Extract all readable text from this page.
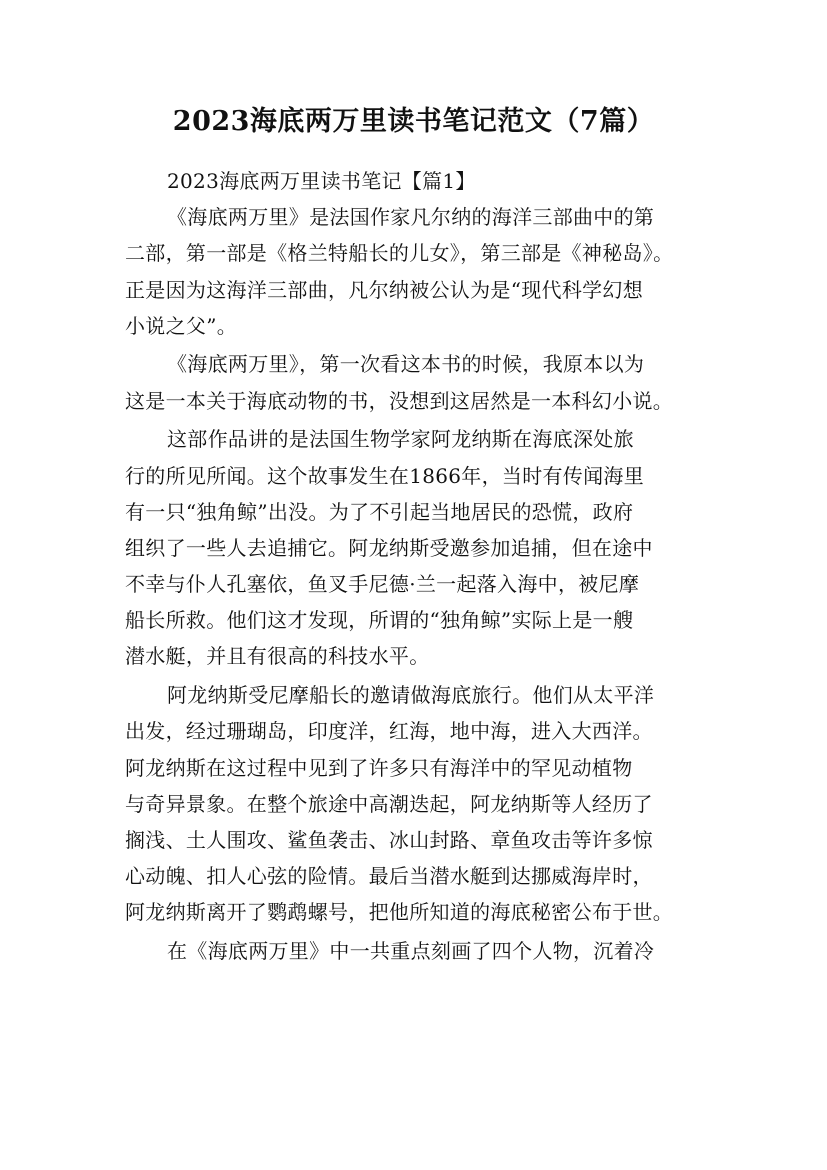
2023海底两万里读书笔记范文（7篇）
2023海底两万里读书笔记【篇1】
《海底两万里》是法国作家凡尔纳的海洋三部曲中的第
二部，第一部是《格兰特船长的儿女》，第三部是《神秘岛》。
正是因为这海洋三部曲，凡尔纳被公认为是“现代科学幻想
小说之父”。
《海底两万里》，第一次看这本书的时候，我原本以为
这是一本关于海底动物的书，没想到这居然是一本科幻小说。
这部作品讲的是法国生物学家阿龙纳斯在海底深处旅
行的所见所闻。这个故事发生在1866年，当时有传闻海里
有一只“独角鲸”出没。为了不引起当地居民的恐慌，政府
组织了一些人去追捕它。阿龙纳斯受邀参加追捕，但在途中
不幸与仆人孔塞依，鱼叉手尼德·兰一起落入海中，被尼摩
船长所救。他们这才发现，所谓的“独角鲸”实际上是一艘
潜水艇，并且有很高的科技水平。
阿龙纳斯受尼摩船长的邀请做海底旅行。他们从太平洋
出发，经过珊瑚岛，印度洋，红海，地中海，进入大西洋。
阿龙纳斯在这过程中见到了许多只有海洋中的罕见动植物
与奇异景象。在整个旅途中高潮迭起，阿龙纳斯等人经历了
搁浅、土人围攻、鲨鱼袭击、冰山封路、章鱼攻击等许多惊
心动魄、扣人心弦的险情。最后当潜水艇到达挪威海岸时，
阿龙纳斯离开了鹦鹉螺号，把他所知道的海底秘密公布于世。
在《海底两万里》中一共重点刻画了四个人物，沉着冷
